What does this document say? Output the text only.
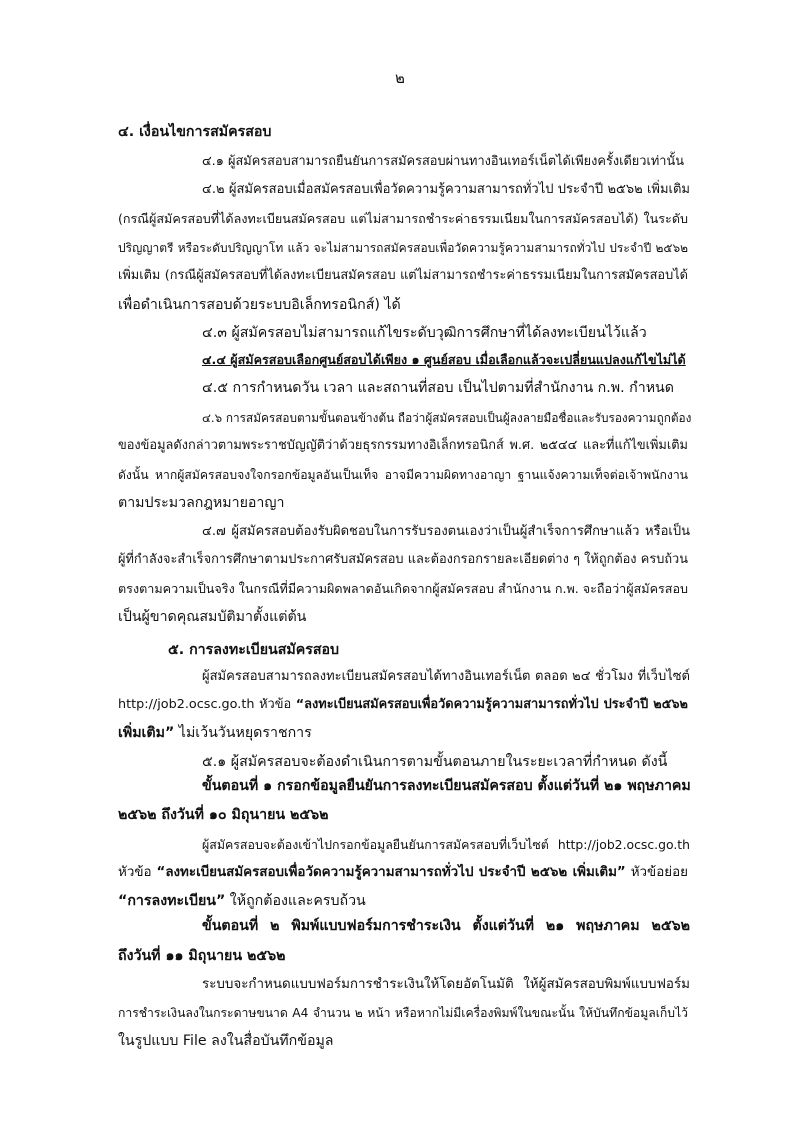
๒
๔. เงื่อนไขการสมัครสอบ
๔.๑ ผู้สมัครสอบสามารถยืนยันการสมัครสอบผ่านทางอินเทอร์เน็ตได้เพียงครั้งเดียวเท่านั้น
๔.๒ ผู้สมัครสอบเมื่อสมัครสอบเพื่อวัดความรู้ความสามารถทั่วไป ประจำปี ๒๕๖๒ เพิ่มเติม
(กรณีผู้สมัครสอบที่ได้ลงทะเบียนสมัครสอบ แต่ไม่สามารถชำระค่าธรรมเนียมในการสมัครสอบได้) ในระดับ
ปริญญาตรี หรือระดับปริญญาโท แล้ว จะไม่สามารถสมัครสอบเพื่อวัดความรู้ความสามารถทั่วไป ประจำปี ๒๕๖๒
เพิ่มเติม (กรณีผู้สมัครสอบที่ได้ลงทะเบียนสมัครสอบ แต่ไม่สามารถชำระค่าธรรมเนียมในการสมัครสอบได้
เพื่อดำเนินการสอบด้วยระบบอิเล็กทรอนิกส์) ได้
๔.๓ ผู้สมัครสอบไม่สามารถแก้ไขระดับวุฒิการศึกษาที่ได้ลงทะเบียนไว้แล้ว
๔.๔ ผู้สมัครสอบเลือกศูนย์สอบได้เพียง ๑ ศูนย์สอบ เมื่อเลือกแล้วจะเปลี่ยนแปลงแก้ไขไม่ได้
๔.๕ การกำหนดวัน เวลา และสถานที่สอบ เป็นไปตามที่สำนักงาน ก.พ. กำหนด
๔.๖ การสมัครสอบตามขั้นตอนข้างต้น ถือว่าผู้สมัครสอบเป็นผู้ลงลายมือชื่อและรับรองความถูกต้อง
ของข้อมูลดังกล่าวตามพระราชบัญญัติว่าด้วยธุรกรรมทางอิเล็กทรอนิกส์ พ.ศ. ๒๕๔๔ และที่แก้ไขเพิ่มเติม
ดังนั้น หากผู้สมัครสอบจงใจกรอกข้อมูลอันเป็นเท็จ อาจมีความผิดทางอาญา ฐานแจ้งความเท็จต่อเจ้าพนักงาน
ตามประมวลกฎหมายอาญา
๔.๗ ผู้สมัครสอบต้องรับผิดชอบในการรับรองตนเองว่าเป็นผู้สำเร็จการศึกษาแล้ว หรือเป็น
ผู้ที่กำลังจะสำเร็จการศึกษาตามประกาศรับสมัครสอบ และต้องกรอกรายละเอียดต่าง ๆ ให้ถูกต้อง ครบถ้วน
ตรงตามความเป็นจริง ในกรณีที่มีความผิดพลาดอันเกิดจากผู้สมัครสอบ สำนักงาน ก.พ. จะถือว่าผู้สมัครสอบ
เป็นผู้ขาดคุณสมบัติมาตั้งแต่ต้น
๕. การลงทะเบียนสมัครสอบ
ผู้สมัครสอบสามารถลงทะเบียนสมัครสอบได้ทางอินเทอร์เน็ต ตลอด ๒๔ ชั่วโมง ที่เว็บไซต์
http://job2.ocsc.go.th หัวข้อ “ลงทะเบียนสมัครสอบเพื่อวัดความรู้ความสามารถทั่วไป ประจำปี ๒๕๖๒
เพิ่มเติม” ไม่เว้นวันหยุดราชการ
๕.๑ ผู้สมัครสอบจะต้องดำเนินการตามขั้นตอนภายในระยะเวลาที่กำหนด ดังนี้
ขั้นตอนที่ ๑ กรอกข้อมูลยืนยันการลงทะเบียนสมัครสอบ ตั้งแต่วันที่ ๒๑ พฤษภาคม
๒๕๖๒ ถึงวันที่ ๑๐ มิถุนายน ๒๕๖๒
ผู้สมัครสอบจะต้องเข้าไปกรอกข้อมูลยืนยันการสมัครสอบที่เว็บไซต์ http://job2.ocsc.go.th
หัวข้อ “ลงทะเบียนสมัครสอบเพื่อวัดความรู้ความสามารถทั่วไป ประจำปี ๒๕๖๒ เพิ่มเติม” หัวข้อย่อย
“การลงทะเบียน” ให้ถูกต้องและครบถ้วน
ขั้นตอนที่ ๒ พิมพ์แบบฟอร์มการชำระเงิน ตั้งแต่วันที่ ๒๑ พฤษภาคม ๒๕๖๒
ถึงวันที่ ๑๑ มิถุนายน ๒๕๖๒
ระบบจะกำหนดแบบฟอร์มการชำระเงินให้โดยอัตโนมัติ ให้ผู้สมัครสอบพิมพ์แบบฟอร์ม
การชำระเงินลงในกระดาษขนาด A4 จำนวน ๒ หน้า หรือหากไม่มีเครื่องพิมพ์ในขณะนั้น ให้บันทึกข้อมูลเก็บไว้
ในรูปแบบ File ลงในสื่อบันทึกข้อมูล
